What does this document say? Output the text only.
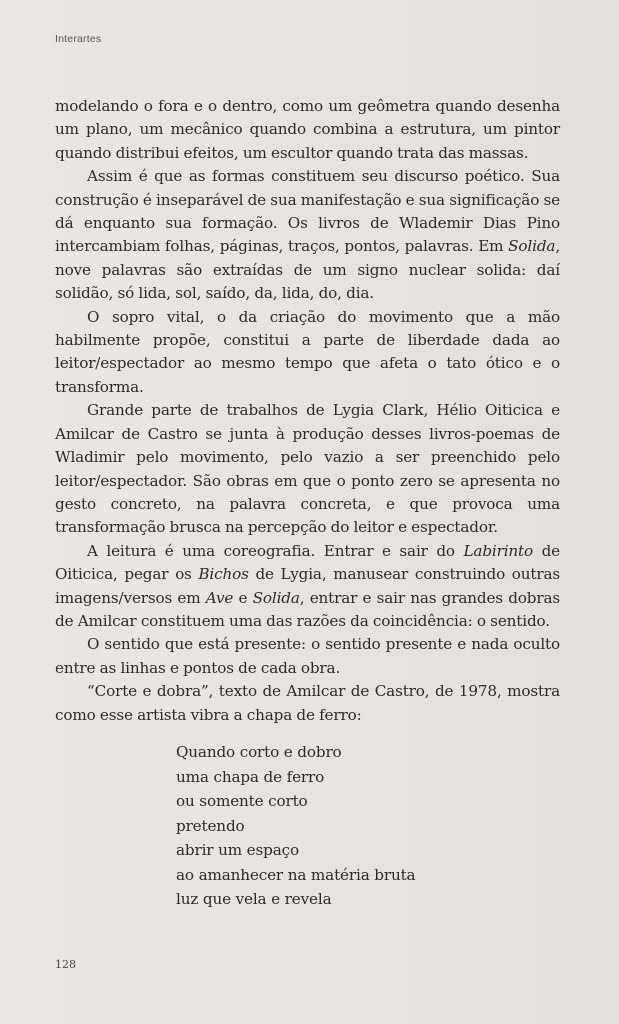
Interartes

modelando o fora e o dentro, como um geômetra quando desenha um plano, um mecânico quando combina a estrutura, um pintor quando distribui efeitos, um escultor quando trata das massas.

Assim é que as formas constituem seu discurso poético. Sua construção é inseparável de sua manifestação e sua significação se dá enquanto sua formação. Os livros de Wlademir Dias Pino intercambiam folhas, páginas, traços, pontos, palavras. Em Solida, nove palavras são extraídas de um signo nuclear solida: daí solidão, só lida, sol, saído, da, lida, do, dia.

O sopro vital, o da criação do movimento que a mão habilmente propõe, constitui a parte de liberdade dada ao leitor/espectador ao mesmo tempo que afeta o tato ótico e o transforma.

Grande parte de trabalhos de Lygia Clark, Hélio Oiticica e Amilcar de Castro se junta à produção desses livros-poemas de Wladimir pelo movimento, pelo vazio a ser preenchido pelo leitor/espectador. São obras em que o ponto zero se apresenta no gesto concreto, na palavra concreta, e que provoca uma transformação brusca na percepção do leitor e espectador.

A leitura é uma coreografia. Entrar e sair do Labirinto de Oiticica, pegar os Bichos de Lygia, manusear construindo outras imagens/versos em Ave e Solida, entrar e sair nas grandes dobras de Amilcar constituem uma das razões da coincidência: o sentido.

O sentido que está presente: o sentido presente e nada oculto entre as linhas e pontos de cada obra.

“Corte e dobra”, texto de Amilcar de Castro, de 1978, mostra como esse artista vibra a chapa de ferro:

Quando corto e dobro
uma chapa de ferro
ou somente corto
pretendo
abrir um espaço
ao amanhecer na matéria bruta
luz que vela e revela
128
